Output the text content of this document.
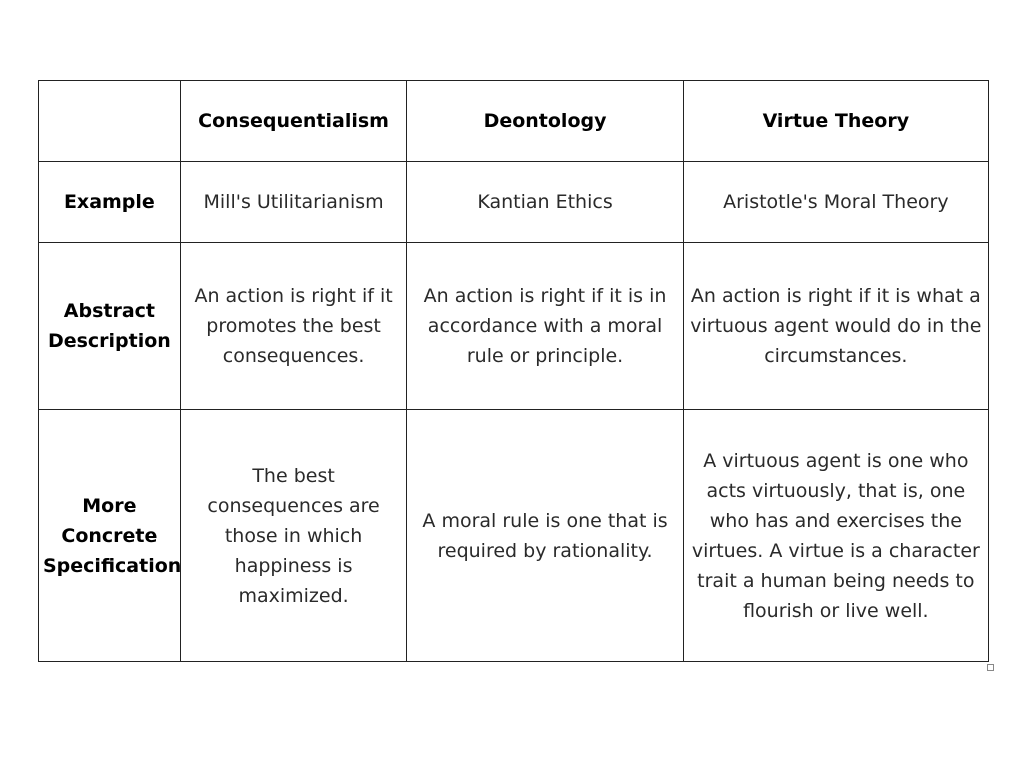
	Consequentialism	Deontology	Virtue Theory
Example	Mill's Utilitarianism	Kantian Ethics	Aristotle's Moral Theory
Abstract Description	An action is right if it promotes the best consequences.	An action is right if it is in accordance with a moral rule or principle.	An action is right if it is what a virtuous agent would do in the circumstances.
More Concrete Specification	The best consequences are those in which happiness is maximized.	A moral rule is one that is required by rationality.	A virtuous agent is one who acts virtuously, that is, one who has and exercises the virtues. A virtue is a character trait a human being needs to flourish or live well.
